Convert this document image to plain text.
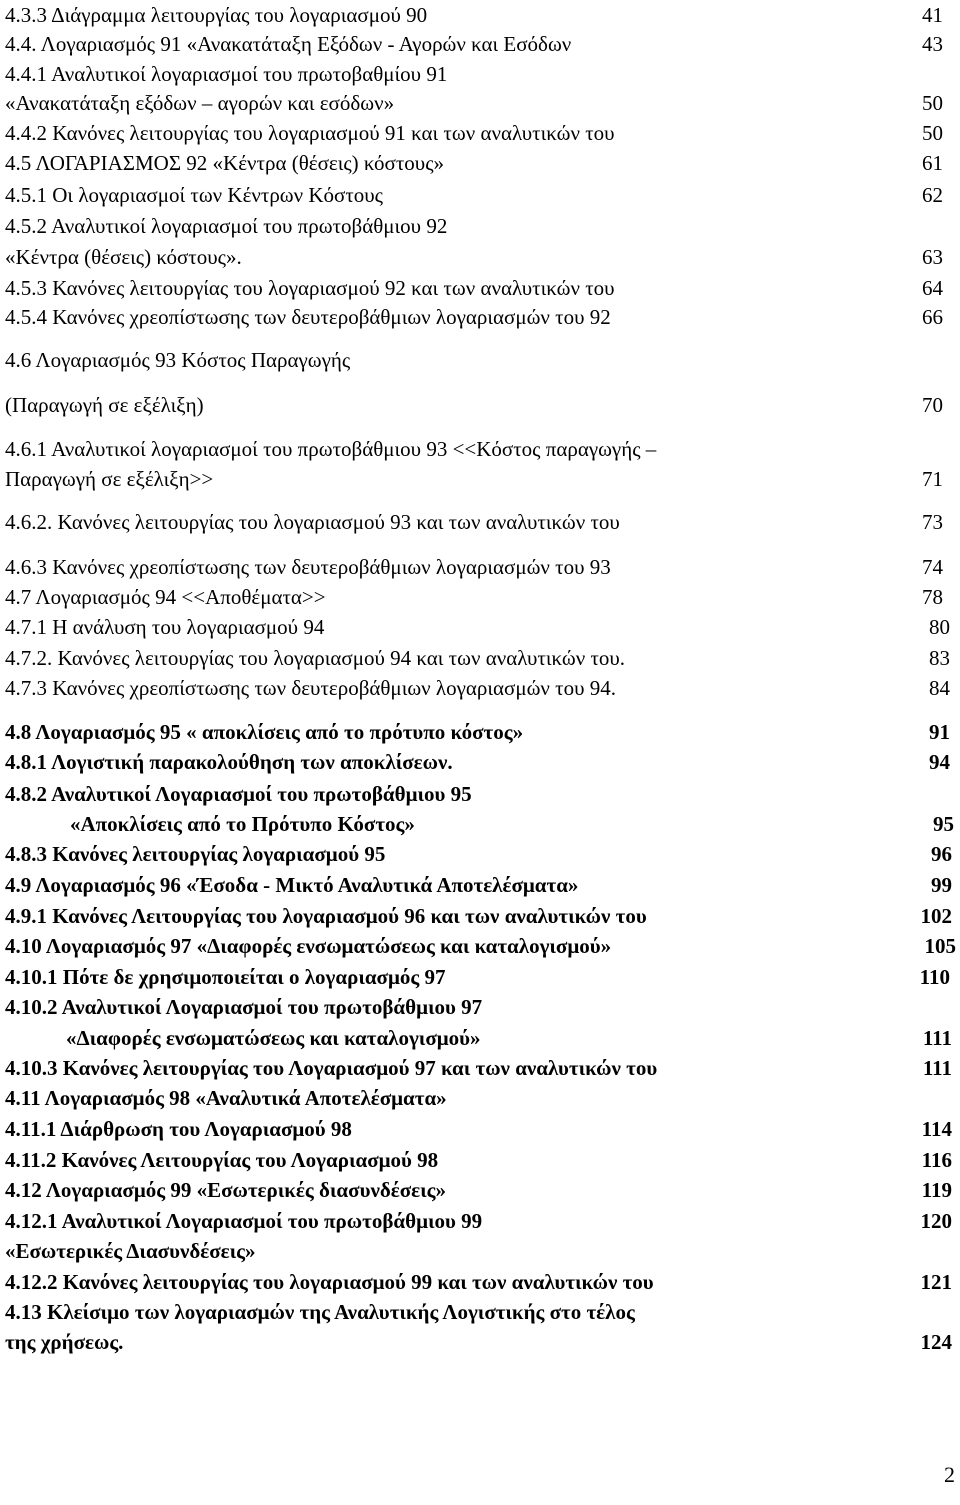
4.3.3 Διάγραμμα λειτουργίας του λογαριασμού 90	41
4.4. Λογαριασμός 91 «Ανακατάταξη Εξόδων - Αγορών και Εσόδων	43
4.4.1 Αναλυτικοί λογαριασμοί του πρωτοβαθμίου 91
«Ανακατάταξη εξόδων – αγορών και εσόδων»	50
4.4.2 Κανόνες λειτουργίας του λογαριασμού 91 και των αναλυτικών του	50
4.5 ΛΟΓΑΡΙΑΣΜΟΣ 92 «Κέντρα (θέσεις) κόστους»	61
4.5.1 Οι λογαριασμοί των Κέντρων Κόστους	62
4.5.2 Αναλυτικοί λογαριασμοί του πρωτοβάθμιου 92
«Κέντρα (θέσεις) κόστους».	63
4.5.3 Κανόνες λειτουργίας του λογαριασμού 92 και των αναλυτικών του	64
4.5.4 Κανόνες χρεοπίστωσης των δευτεροβάθμιων λογαριασμών του 92	66
4.6 Λογαριασμός 93 Κόστος Παραγωγής
(Παραγωγή σε εξέλιξη)	70
4.6.1 Αναλυτικοί λογαριασμοί του πρωτοβάθμιου 93 <<Κόστος παραγωγής –
Παραγωγή σε εξέλιξη>>	71
4.6.2. Κανόνες λειτουργίας του λογαριασμού 93 και των αναλυτικών του	73
4.6.3 Κανόνες χρεοπίστωσης των δευτεροβάθμιων λογαριασμών του 93	74
4.7 Λογαριασμός 94 <<Αποθέματα>>	78
4.7.1 Η ανάλυση του λογαριασμού 94	80
4.7.2. Κανόνες λειτουργίας του λογαριασμού 94 και των αναλυτικών του.	83
4.7.3 Κανόνες χρεοπίστωσης των δευτεροβάθμιων λογαριασμών του 94.	84
4.8 Λογαριασμός 95 « αποκλίσεις από το πρότυπο κόστος»	91
4.8.1 Λογιστική παρακολούθηση των αποκλίσεων.	94
4.8.2 Αναλυτικοί Λογαριασμοί του πρωτοβάθμιου 95
«Αποκλίσεις από το Πρότυπο Κόστος»	95
4.8.3 Κανόνες λειτουργίας λογαριασμού 95	96
4.9 Λογαριασμός 96 «Έσοδα - Μικτό Αναλυτικά Αποτελέσματα»	99
4.9.1 Κανόνες Λειτουργίας του λογαριασμού 96 και των αναλυτικών του	102
4.10 Λογαριασμός 97 «Διαφορές ενσωματώσεως και καταλογισμού»	105
4.10.1 Πότε δε χρησιμοποιείται ο λογαριασμός 97	110
4.10.2 Αναλυτικοί Λογαριασμοί του πρωτοβάθμιου 97
«Διαφορές ενσωματώσεως και καταλογισμού»	111
4.10.3 Κανόνες λειτουργίας του Λογαριασμού 97 και των αναλυτικών του	111
4.11 Λογαριασμός 98 «Αναλυτικά Αποτελέσματα»
4.11.1 Διάρθρωση του Λογαριασμού 98	114
4.11.2 Κανόνες Λειτουργίας του Λογαριασμού 98	116
4.12 Λογαριασμός 99 «Εσωτερικές διασυνδέσεις»	119
4.12.1 Αναλυτικοί Λογαριασμοί του πρωτοβάθμιου 99	120
«Εσωτερικές Διασυνδέσεις»
4.12.2 Κανόνες λειτουργίας του λογαριασμού 99 και των αναλυτικών του	121
4.13 Κλείσιμο των λογαριασμών της Αναλυτικής Λογιστικής στο τέλος
της χρήσεως.	124
2
